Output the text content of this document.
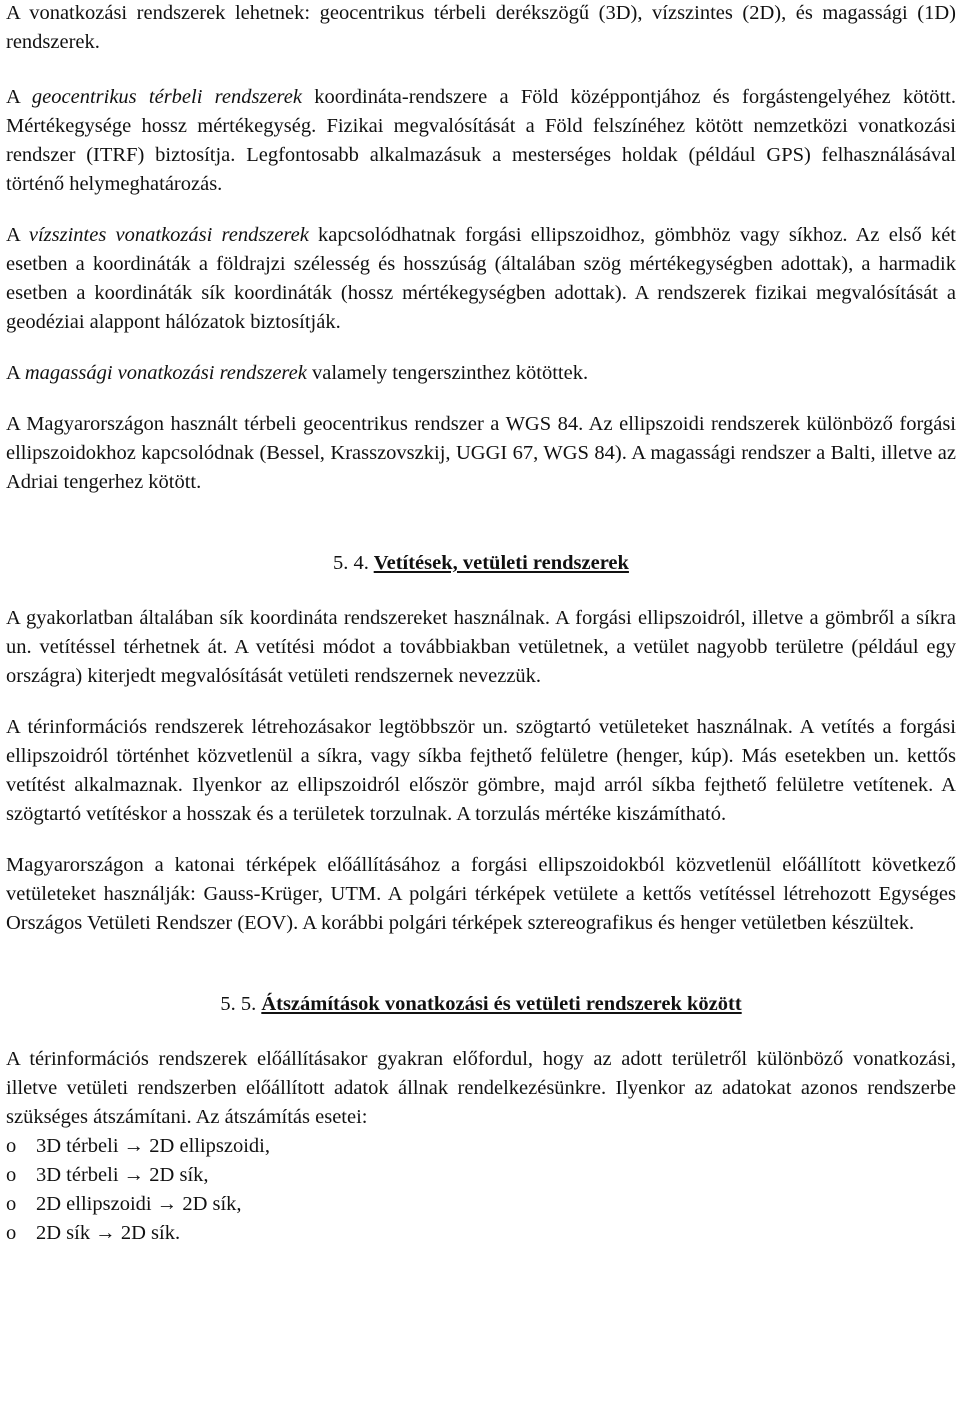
A vonatkozási rendszerek lehetnek: geocentrikus térbeli derékszögű (3D), vízszintes (2D), és magassági (1D) rendszerek.

A geocentrikus térbeli rendszerek koordináta-rendszere a Föld középpontjához és forgástengelyéhez kötött. Mértékegysége hossz mértékegység. Fizikai megvalósítását a Föld felszínéhez kötött nemzetközi vonatkozási rendszer (ITRF) biztosítja. Legfontosabb alkalmazásuk a mesterséges holdak (például GPS) felhasználásával történő helymeghatározás.

A vízszintes vonatkozási rendszerek kapcsolódhatnak forgási ellipszoidhoz, gömbhöz vagy síkhoz. Az első két esetben a koordináták a földrajzi szélesség és hosszúság (általában szög mértékegységben adottak), a harmadik esetben a koordináták sík koordináták (hossz mértékegységben adottak). A rendszerek fizikai megvalósítását a geodéziai alappont hálózatok biztosítják.

A magassági vonatkozási rendszerek valamely tengerszinthez kötöttek.

A Magyarországon használt térbeli geocentrikus rendszer a WGS 84. Az ellipszoidi rendszerek különböző forgási ellipszoidokhoz kapcsolódnak (Bessel, Krasszovszkij, UGGI 67, WGS 84). A magassági rendszer a Balti, illetve az Adriai tengerhez kötött.

5. 4. Vetítések, vetületi rendszerek

A gyakorlatban általában sík koordináta rendszereket használnak. A forgási ellipszoidról, illetve a gömbről a síkra un. vetítéssel térhetnek át. A vetítési módot a továbbiakban vetületnek, a vetület nagyobb területre (például egy országra) kiterjedt megvalósítását vetületi rendszernek nevezzük.

A térinformációs rendszerek létrehozásakor legtöbbször un. szögtartó vetületeket használnak. A vetítés a forgási ellipszoidról történhet közvetlenül a síkra, vagy síkba fejthető felületre (henger, kúp). Más esetekben un. kettős vetítést alkalmaznak. Ilyenkor az ellipszoidról először gömbre, majd arról síkba fejthető felületre vetítenek. A szögtartó vetítéskor a hosszak és a területek torzulnak. A torzulás mértéke kiszámítható.

Magyarországon a katonai térképek előállításához a forgási ellipszoidokból közvetlenül előállított következő vetületeket használják: Gauss-Krüger, UTM. A polgári térképek vetülete a kettős vetítéssel létrehozott Egységes Országos Vetületi Rendszer (EOV). A korábbi polgári térképek sztereografikus és henger vetületben készültek.

5. 5. Átszámítások vonatkozási és vetületi rendszerek között

A térinformációs rendszerek előállításakor gyakran előfordul, hogy az adott területről különböző vonatkozási, illetve vetületi rendszerben előállított adatok állnak rendelkezésünkre. Ilyenkor az adatokat azonos rendszerbe szükséges átszámítani. Az átszámítás esetei:

o 3D térbeli → 2D ellipszoidi,
o 3D térbeli → 2D sík,
o 2D ellipszoidi → 2D sík,
o 2D sík → 2D sík.
